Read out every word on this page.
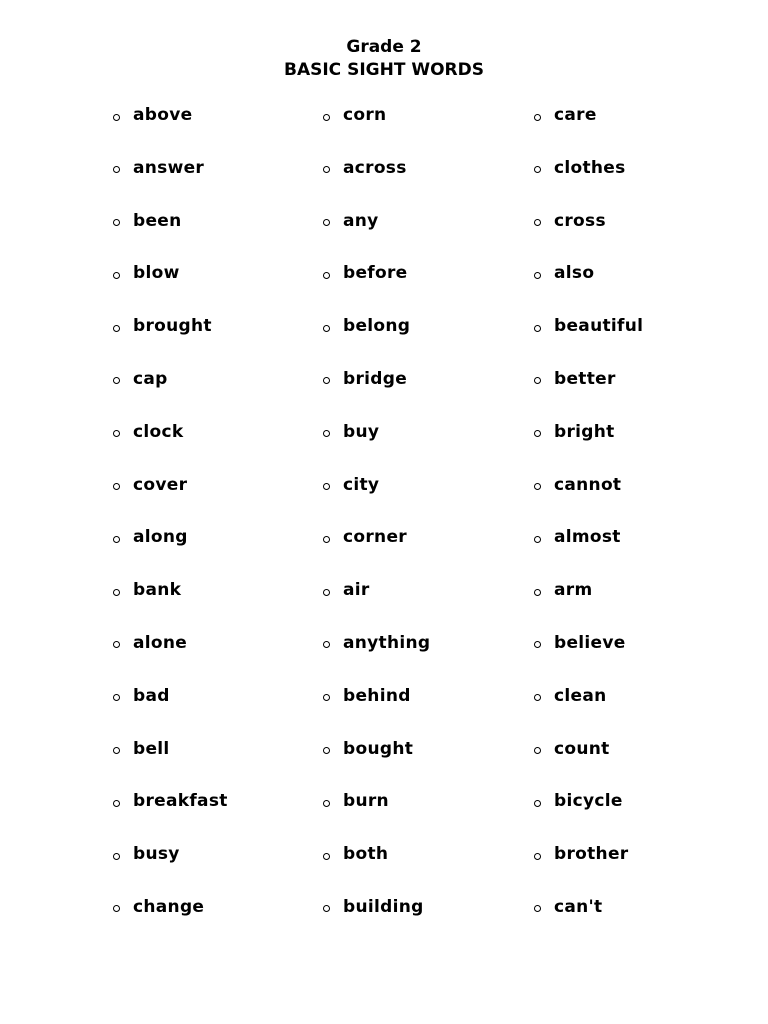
Grade 2
BASIC SIGHT WORDS
above	corn	care
answer	across	clothes
been	any	cross
blow	before	also
brought	belong	beautiful
cap	bridge	better
clock	buy	bright
cover	city	cannot
along	corner	almost
bank	air	arm
alone	anything	believe
bad	behind	clean
bell	bought	count
breakfast	burn	bicycle
busy	both	brother
change	building	can't
